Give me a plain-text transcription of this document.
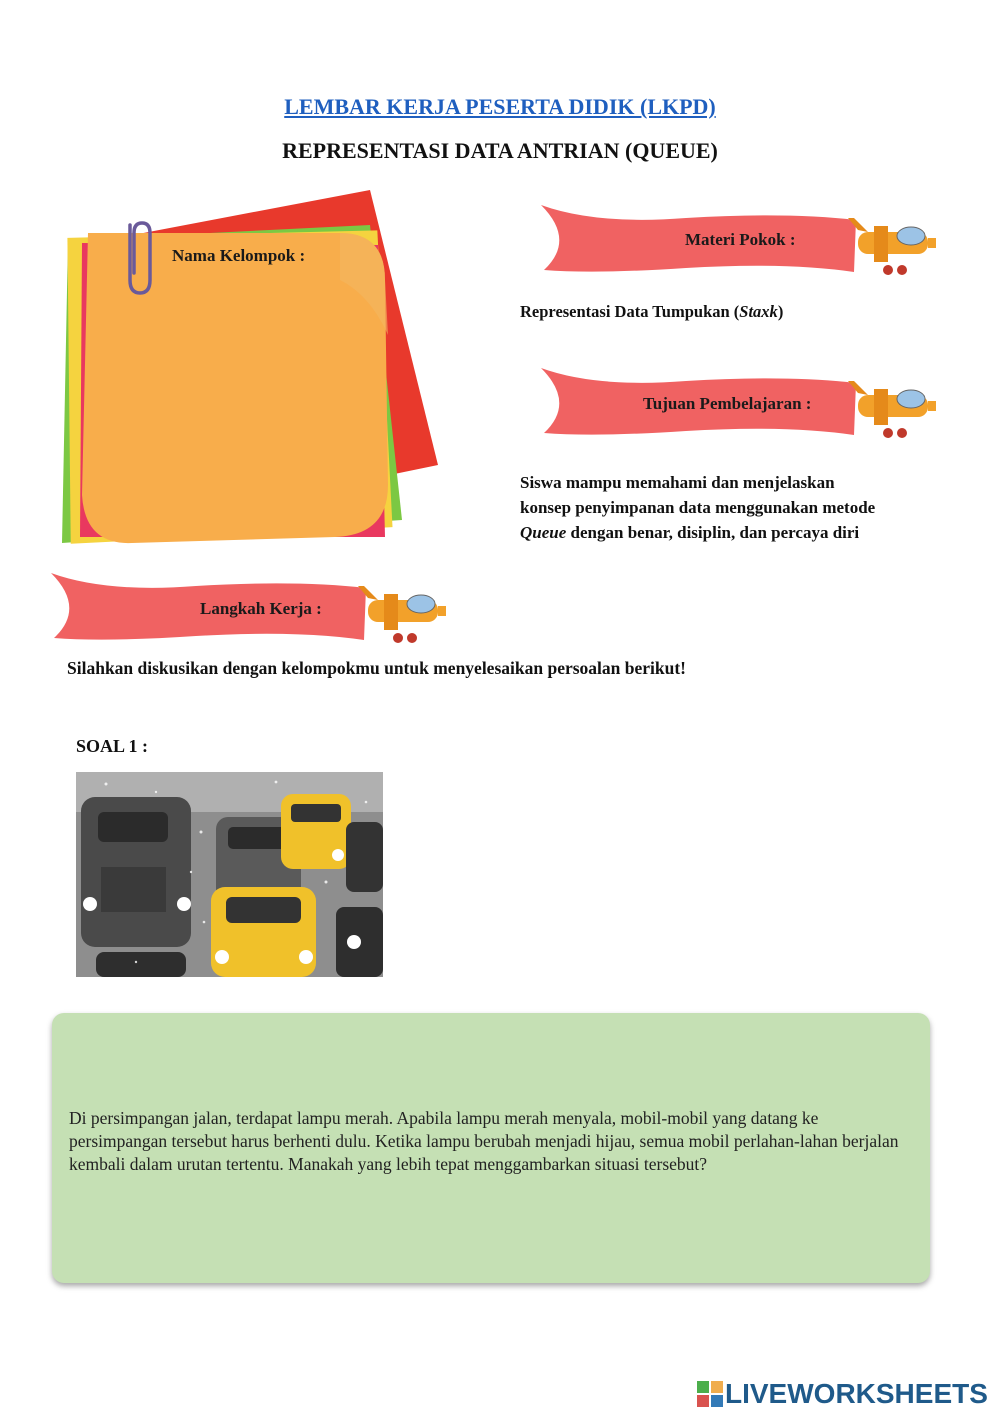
LEMBAR KERJA PESERTA DIDIK (LKPD)
REPRESENTASI DATA ANTRIAN (QUEUE)
Nama Kelompok :
Materi Pokok :
Representasi Data Tumpukan (Staxk)
Tujuan Pembelajaran :
Siswa mampu memahami dan menjelaskan
konsep penyimpanan data menggunakan metode
Queue dengan benar, disiplin, dan percaya diri
Langkah Kerja :
Silahkan diskusikan dengan kelompokmu untuk menyelesaikan persoalan berikut!
SOAL 1 :
Di persimpangan jalan, terdapat lampu merah. Apabila lampu merah menyala, mobil-mobil yang datang ke persimpangan tersebut harus berhenti dulu. Ketika lampu berubah menjadi hijau, semua mobil perlahan-lahan berjalan kembali dalam urutan tertentu. Manakah yang lebih tepat menggambarkan situasi tersebut?
LIVEWORKSHEETS
